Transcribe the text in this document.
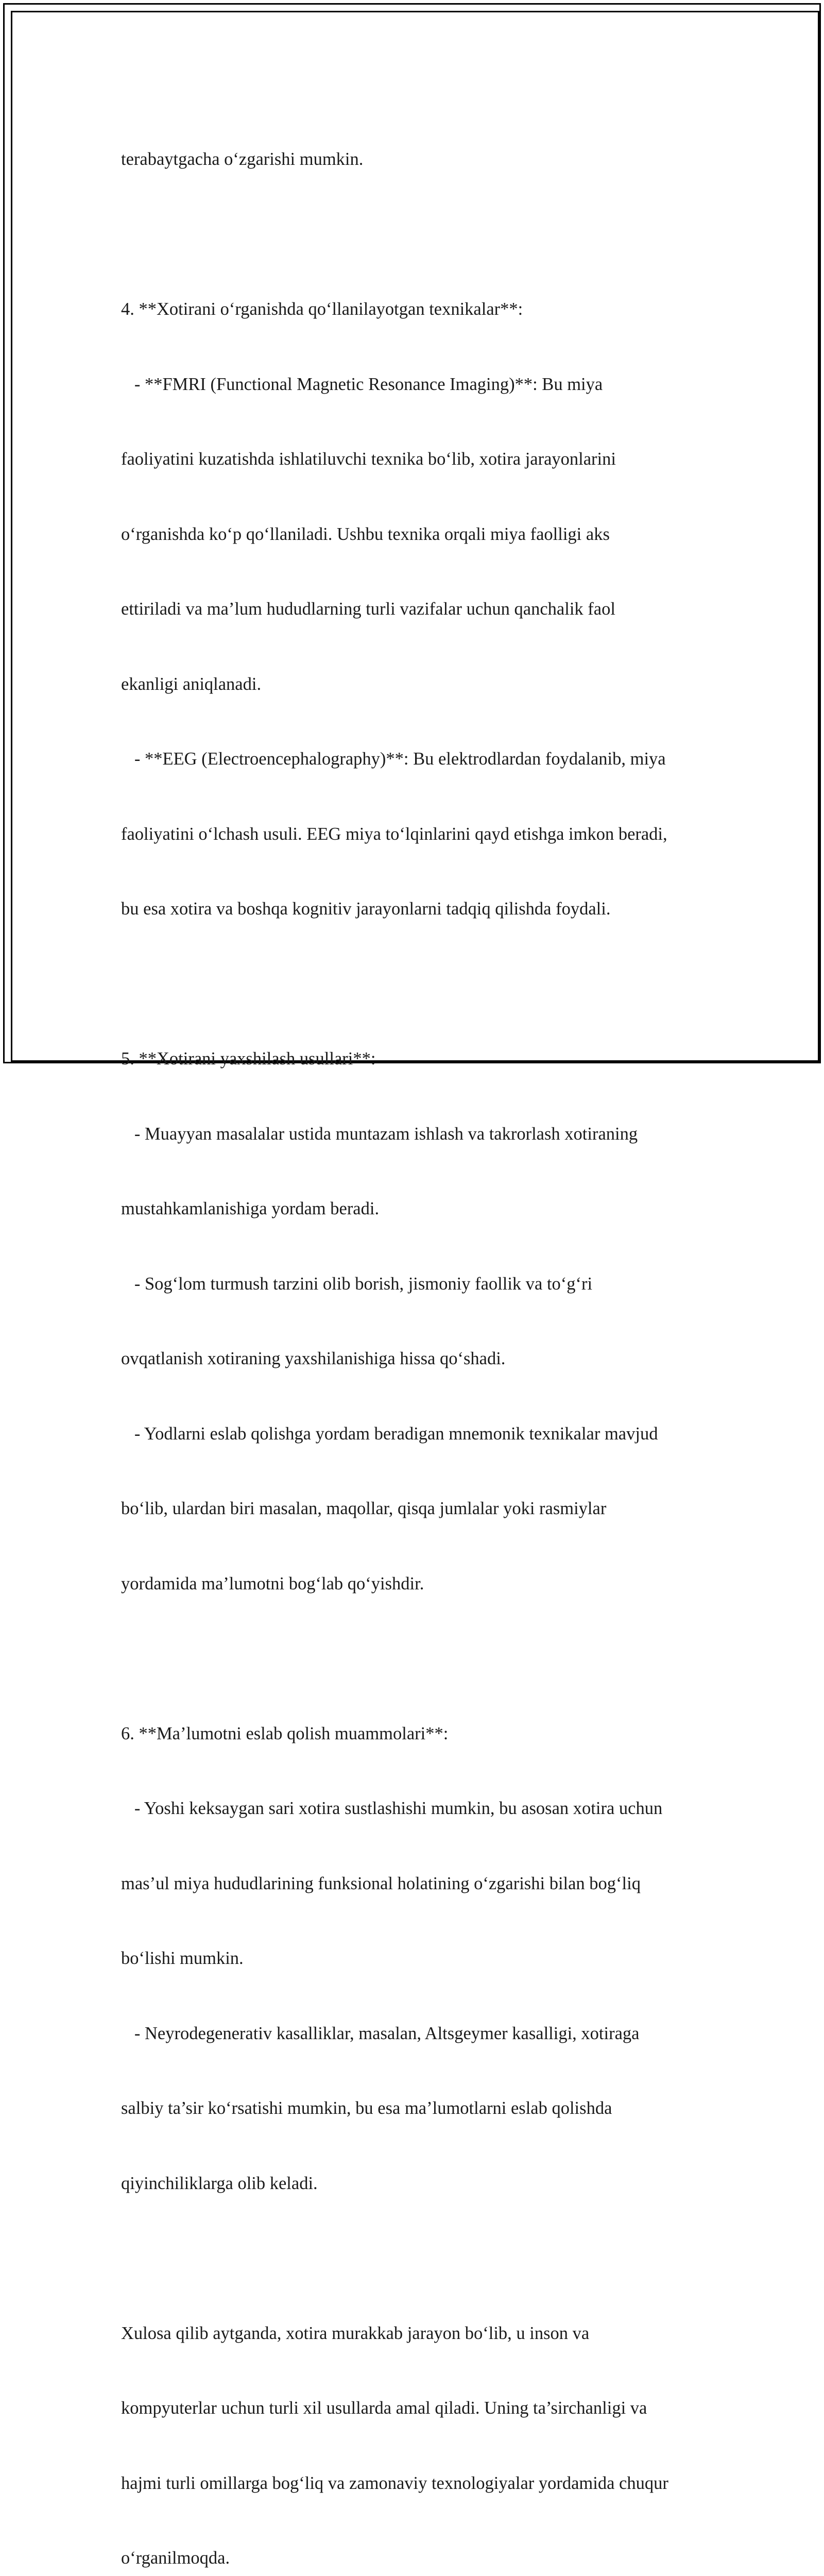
terabaytgacha o‘zgarishi mumkin.

4. **Xotirani o‘rganishda qo‘llanilayotgan texnikalar**:

- **FMRI (Functional Magnetic Resonance Imaging)**: Bu miya

faoliyatini kuzatishda ishlatiluvchi texnika bo‘lib, xotira jarayonlarini

o‘rganishda ko‘p qo‘llaniladi. Ushbu texnika orqali miya faolligi aks

ettiriladi va ma’lum hududlarning turli vazifalar uchun qanchalik faol

ekanligi aniqlanadi.

- **EEG (Electroencephalography)**: Bu elektrodlardan foydalanib, miya

faoliyatini o‘lchash usuli. EEG miya to‘lqinlarini qayd etishga imkon beradi,

bu esa xotira va boshqa kognitiv jarayonlarni tadqiq qilishda foydali.

5. **Xotirani yaxshilash usullari**:

- Muayyan masalalar ustida muntazam ishlash va takrorlash xotiraning

mustahkamlanishiga yordam beradi.

- Sog‘lom turmush tarzini olib borish, jismoniy faollik va to‘g‘ri

ovqatlanish xotiraning yaxshilanishiga hissa qo‘shadi.

- Yodlarni eslab qolishga yordam beradigan mnemonik texnikalar mavjud

bo‘lib, ulardan biri masalan, maqollar, qisqa jumlalar yoki rasmiylar

yordamida ma’lumotni bog‘lab qo‘yishdir.

6. **Ma’lumotni eslab qolish muammolari**:

- Yoshi keksaygan sari xotira sustlashishi mumkin, bu asosan xotira uchun

mas’ul miya hududlarining funksional holatining o‘zgarishi bilan bog‘liq

bo‘lishi mumkin.

- Neyrodegenerativ kasalliklar, masalan, Altsgeymer kasalligi, xotiraga

salbiy ta’sir ko‘rsatishi mumkin, bu esa ma’lumotlarni eslab qolishda

qiyinchiliklarga olib keladi.

Xulosa qilib aytganda, xotira murakkab jarayon bo‘lib, u inson va

kompyuterlar uchun turli xil usullarda amal qiladi. Uning ta’sirchanligi va

hajmi turli omillarga bog‘liq va zamonaviy texnologiyalar yordamida chuqur

o‘rganilmoqda.
